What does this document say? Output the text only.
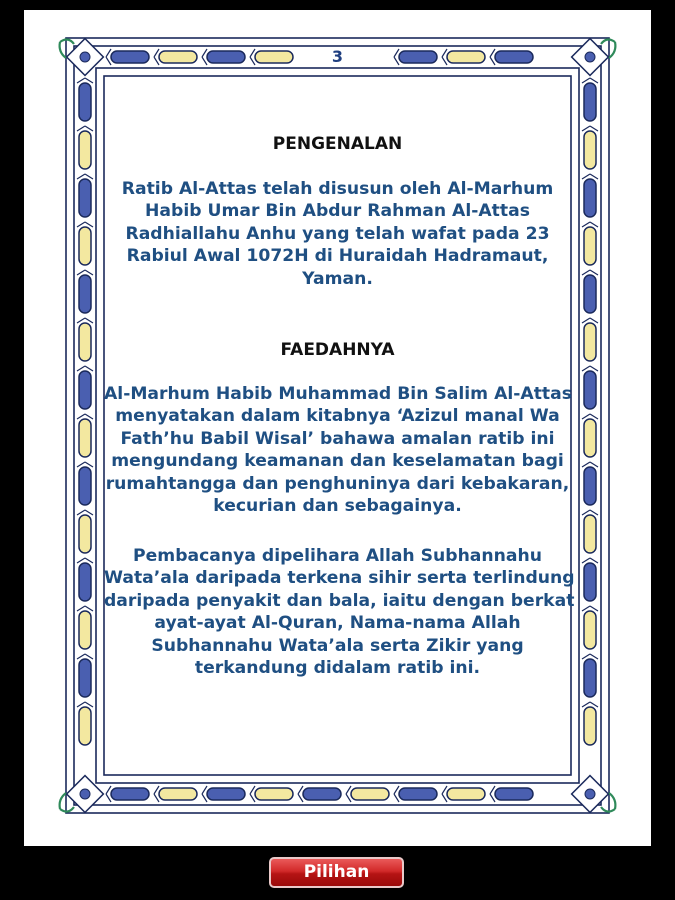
3
PENGENALAN
Ratib Al-Attas telah disusun oleh Al-Marhum
Habib Umar Bin Abdur Rahman Al-Attas
Radhiallahu Anhu yang telah wafat pada 23
Rabiul Awal 1072H di Huraidah Hadramaut,
Yaman.
FAEDAHNYA
Al-Marhum Habib Muhammad Bin Salim Al-Attas
menyatakan dalam kitabnya ‘Azizul manal Wa
Fath’hu Babil Wisal’ bahawa amalan ratib ini
mengundang keamanan dan keselamatan bagi
rumahtangga dan penghuninya dari kebakaran,
kecurian dan sebagainya.
Pembacanya dipelihara Allah Subhannahu
Wata’ala daripada terkena sihir serta terlindung
daripada penyakit dan bala, iaitu dengan berkat
ayat-ayat Al-Quran, Nama-nama Allah
Subhannahu Wata’ala serta Zikir yang
terkandung didalam ratib ini.
Pilihan
